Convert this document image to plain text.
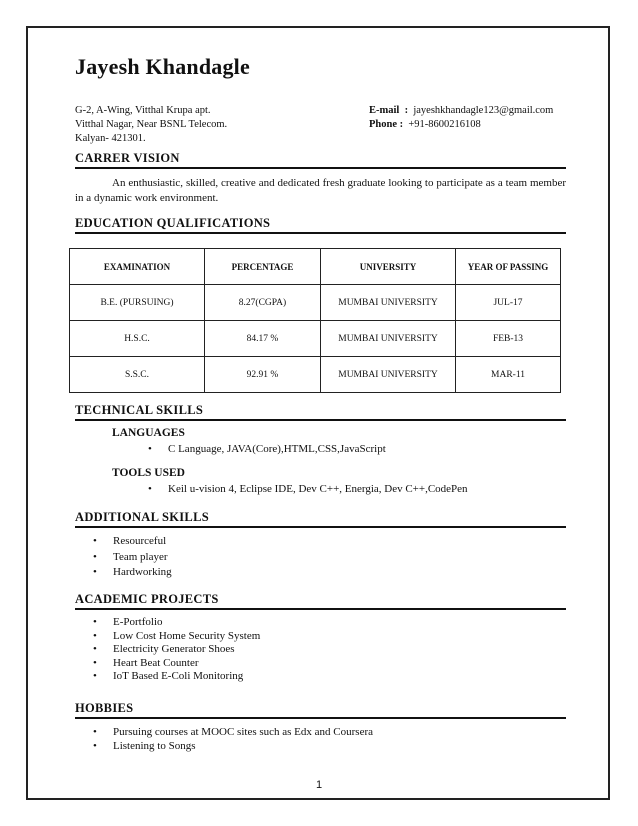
Jayesh Khandagle
G-2, A-Wing, Vitthal Krupa apt.
Vitthal Nagar, Near BSNL Telecom.
Kalyan- 421301.
E-mail  : jayeshkhandagle123@gmail.com
Phone : +91-8600216108
CARRER VISION
An enthusiastic, skilled, creative and dedicated fresh graduate looking to participate as a team member in a dynamic work environment.
EDUCATION QUALIFICATIONS
EXAMINATION	PERCENTAGE	UNIVERSITY	YEAR OF PASSING
B.E. (PURSUING)	8.27(CGPA)	MUMBAI UNIVERSITY	JUL-17
H.S.C.	84.17 %	MUMBAI UNIVERSITY	FEB-13
S.S.C.	92.91 %	MUMBAI UNIVERSITY	MAR-11
TECHNICAL SKILLS
LANGUAGES
• C Language, JAVA(Core),HTML,CSS,JavaScript
TOOLS USED
• Keil u-vision 4, Eclipse IDE, Dev C++, Energia, Dev C++,CodePen
ADDITIONAL SKILLS
• Resourceful
• Team player
• Hardworking
ACADEMIC PROJECTS
• E-Portfolio
• Low Cost Home Security System
• Electricity Generator Shoes
• Heart Beat Counter
• IoT Based E-Coli Monitoring
HOBBIES
• Pursuing courses at MOOC sites such as Edx and Coursera
• Listening to Songs
1
